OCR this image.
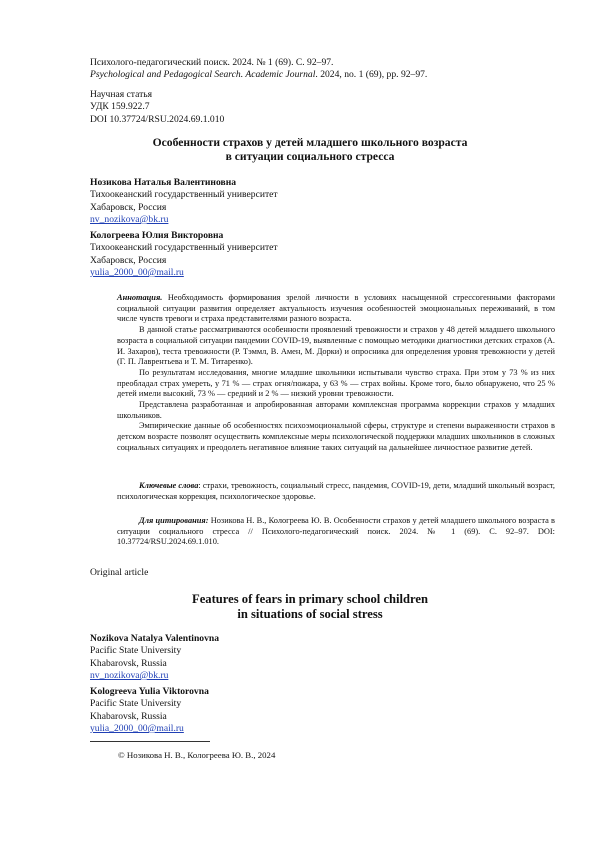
Психолого-педагогический поиск. 2024. № 1 (69). С. 92–97.
Psychological and Pedagogical Search. Academic Journal. 2024, no. 1 (69), pp. 92–97.
Научная статья
УДК 159.922.7
DOI 10.37724/RSU.2024.69.1.010
Особенности страхов у детей младшего школьного возраста
в ситуации социального стресса
Нозикова Наталья Валентиновна
Тихоокеанский государственный университет
Хабаровск, Россия
nv_nozikova@bk.ru
Кологреева Юлия Викторовна
Тихоокеанский государственный университет
Хабаровск, Россия
yulia_2000_00@mail.ru

Аннотация. Необходимость формирования зрелой личности в условиях насыщенной стрессогенными факторами социальной ситуации развития определяет актуальность изучения особенностей эмоциональных переживаний, в том числе чувств тревоги и страха представителями разного возраста.

В данной статье рассматриваются особенности проявлений тревожности и страхов у 48 детей младшего школьного возраста в социальной ситуации пандемии COVID-19, выявленные с помощью методики диагностики детских страхов (А. И. Захаров), теста тревожности (Р. Тэммл, В. Амен, М. Дорки) и опросника для определения уровня тревожности у детей (Г. П. Лаврентьева и Т. М. Титаренко).

По результатам исследования, многие младшие школьники испытывали чувство страха. При этом у 73 % из них преобладал страх умереть, у 71 % — страх огня/пожара, у 63 % — страх войны. Кроме того, было обнаружено, что 25 % детей имели высокий, 73 % — средний и 2 % — низкий уровни тревожности.

Представлена разработанная и апробированная авторами комплексная программа коррекции страхов у младших школьников.

Эмпирические данные об особенностях психоэмоциональной сферы, структуре и степени выраженности страхов в детском возрасте позволят осуществить комплексные меры психологической поддержки младших школьников в сложных социальных ситуациях и преодолеть негативное влияние таких ситуаций на дальнейшее личностное развитие детей.

Ключевые слова: страхи, тревожность, социальный стресс, пандемия, COVID-19, дети, младший школьный возраст, психологическая коррекция, психологическое здоровье.

Для цитирования: Нозикова Н. В., Кологреева Ю. В. Особенности страхов у детей младшего школьного возраста в ситуации социального стресса // Психолого-педагогический поиск. 2024. № 1 (69). С. 92–97. DOI: 10.37724/RSU.2024.69.1.010.

Original article
Features of fears in primary school children
in situations of social stress
Nozikova Natalya Valentinovna
Pacific State University
Khabarovsk, Russia
nv_nozikova@bk.ru
Kologreeva Yulia Viktorovna
Pacific State University
Khabarovsk, Russia
yulia_2000_00@mail.ru
© Нозикова Н. В., Кологреева Ю. В., 2024
